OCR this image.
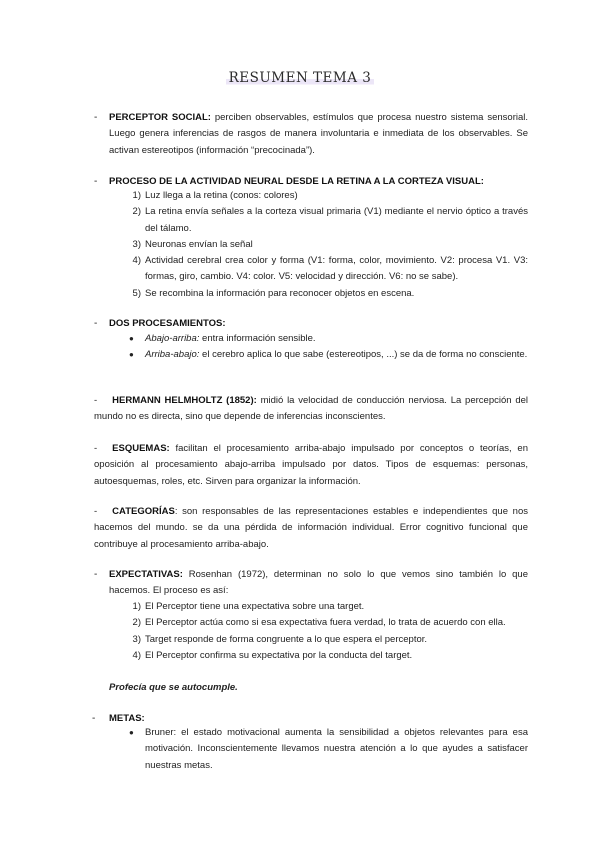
RESUMEN TEMA 3
- PERCEPTOR SOCIAL: perciben observables, estímulos que procesa nuestro sistema sensorial. Luego genera inferencias de rasgos de manera involuntaria e inmediata de los observables. Se activan estereotipos (información “precocinada”).
- PROCESO DE LA ACTIVIDAD NEURAL DESDE LA RETINA A LA CORTEZA VISUAL:
1) Luz llega a la retina (conos: colores)
2) La retina envía señales a la corteza visual primaria (V1) mediante el nervio óptico a través del tálamo.
3) Neuronas envían la señal
4) Actividad cerebral crea color y forma (V1: forma, color, movimiento. V2: procesa V1. V3: formas, giro, cambio. V4: color. V5: velocidad y dirección. V6: no se sabe).
5) Se recombina la información para reconocer objetos en escena.
- DOS PROCESAMIENTOS:
● Abajo-arriba: entra información sensible.
● Arriba-abajo: el cerebro aplica lo que sabe (estereotipos, ...) se da de forma no consciente.
- HERMANN HELMHOLTZ (1852): midió la velocidad de conducción nerviosa. La percepción del mundo no es directa, sino que depende de inferencias inconscientes.
- ESQUEMAS: facilitan el procesamiento arriba-abajo impulsado por conceptos o teorías, en oposición al procesamiento abajo-arriba impulsado por datos. Tipos de esquemas: personas, autoesquemas, roles, etc. Sirven para organizar la información.
- CATEGORÍAS: son responsables de las representaciones estables e independientes que nos hacemos del mundo. se da una pérdida de información individual. Error cognitivo funcional que contribuye al procesamiento arriba-abajo.
- EXPECTATIVAS: Rosenhan (1972), determinan no solo lo que vemos sino también lo que hacemos. El proceso es así:
1) El Perceptor tiene una expectativa sobre una target.
2) El Perceptor actúa como si esa expectativa fuera verdad, lo trata de acuerdo con ella.
3) Target responde de forma congruente a lo que espera el perceptor.
4) El Perceptor confirma su expectativa por la conducta del target.
Profecía que se autocumple.
- METAS:
● Bruner: el estado motivacional aumenta la sensibilidad a objetos relevantes para esa motivación. Inconscientemente llevamos nuestra atención a lo que ayudes a satisfacer nuestras metas.
